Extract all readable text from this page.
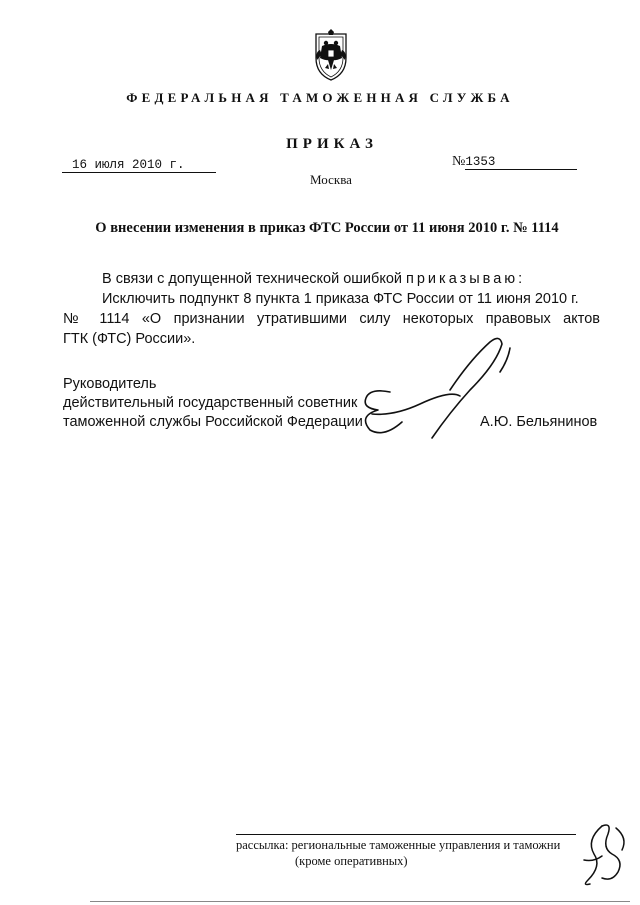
ФЕДЕРАЛЬНАЯ ТАМОЖЕННАЯ СЛУЖБА
ПРИКАЗ
16 июля 2010 г.	№1353
Москва
О внесении изменения в приказ ФТС России от 11 июня 2010 г. № 1114
В связи с допущенной технической ошибкой приказываю:
Исключить подпункт 8 пункта 1 приказа ФТС России от 11 июня 2010 г.
№ 1114 «О признании утратившими силу некоторых правовых актов
ГТК (ФТС) России».
Руководитель
действительный государственный советник
таможенной службы Российской Федерации	А.Ю. Бельянинов
рассылка: региональные таможенные управления и таможни
(кроме оперативных)
